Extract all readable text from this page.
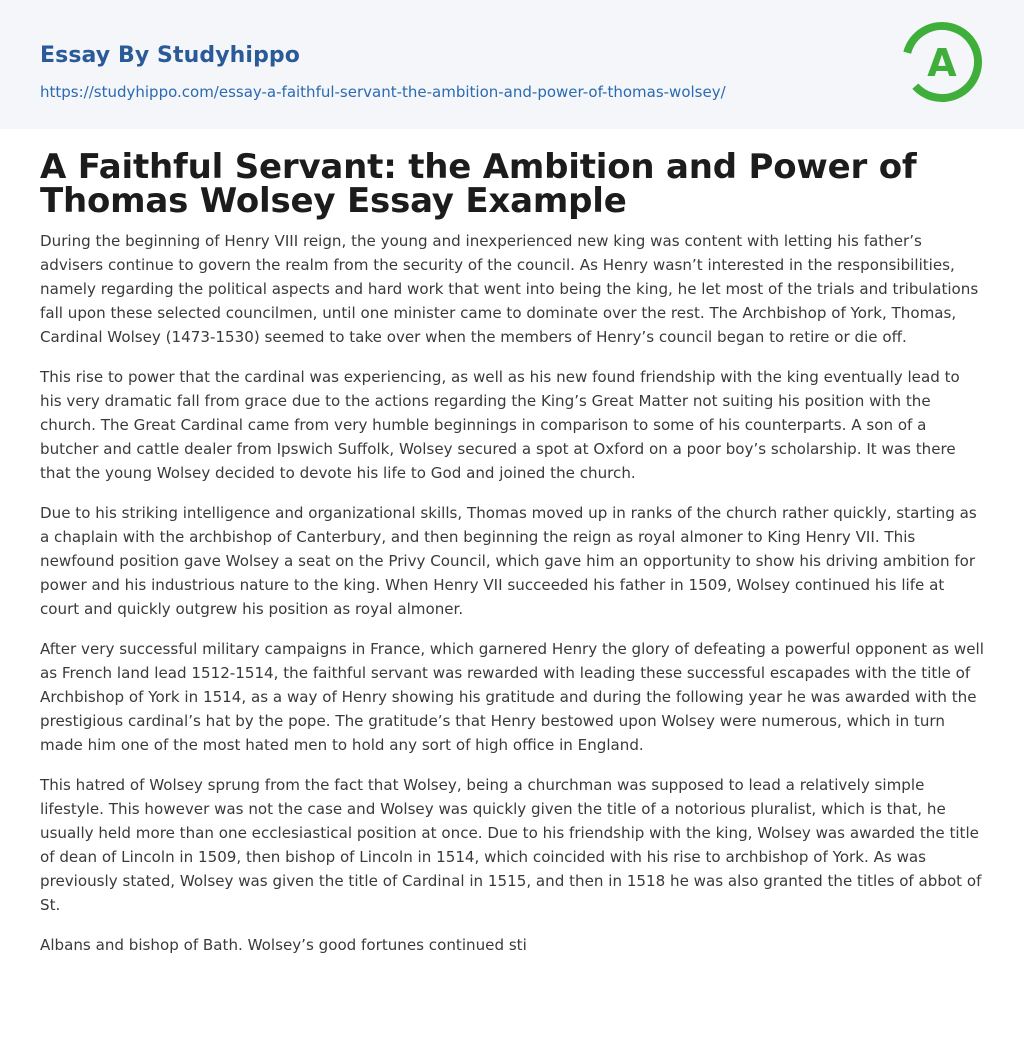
Essay By Studyhippo
https://studyhippo.com/essay-a-faithful-servant-the-ambition-and-power-of-thomas-wolsey/
A
A Faithful Servant: the Ambition and Power of Thomas Wolsey Essay Example

During the beginning of Henry VIII reign, the young and inexperienced new king was content with letting his father’s advisers continue to govern the realm from the security of the council. As Henry wasn’t interested in the responsibilities, namely regarding the political aspects and hard work that went into being the king, he let most of the trials and tribulations fall upon these selected councilmen, until one minister came to dominate over the rest. The Archbishop of York, Thomas, Cardinal Wolsey (1473-1530) seemed to take over when the members of Henry’s council began to retire or die off.

This rise to power that the cardinal was experiencing, as well as his new found friendship with the king eventually lead to his very dramatic fall from grace due to the actions regarding the King’s Great Matter not suiting his position with the church. The Great Cardinal came from very humble beginnings in comparison to some of his counterparts. A son of a butcher and cattle dealer from Ipswich Suffolk, Wolsey secured a spot at Oxford on a poor boy’s scholarship. It was there that the young Wolsey decided to devote his life to God and joined the church.

Due to his striking intelligence and organizational skills, Thomas moved up in ranks of the church rather quickly, starting as a chaplain with the archbishop of Canterbury, and then beginning the reign as royal almoner to King Henry VII. This newfound position gave Wolsey a seat on the Privy Council, which gave him an opportunity to show his driving ambition for power and his industrious nature to the king. When Henry VII succeeded his father in 1509, Wolsey continued his life at court and quickly outgrew his position as royal almoner.

After very successful military campaigns in France, which garnered Henry the glory of defeating a powerful opponent as well as French land lead 1512-1514, the faithful servant was rewarded with leading these successful escapades with the title of Archbishop of York in 1514, as a way of Henry showing his gratitude and during the following year he was awarded with the prestigious cardinal’s hat by the pope. The gratitude’s that Henry bestowed upon Wolsey were numerous, which in turn made him one of the most hated men to hold any sort of high office in England.

This hatred of Wolsey sprung from the fact that Wolsey, being a churchman was supposed to lead a relatively simple lifestyle. This however was not the case and Wolsey was quickly given the title of a notorious pluralist, which is that, he usually held more than one ecclesiastical position at once. Due to his friendship with the king, Wolsey was awarded the title of dean of Lincoln in 1509, then bishop of Lincoln in 1514, which coincided with his rise to archbishop of York. As was previously stated, Wolsey was given the title of Cardinal in 1515, and then in 1518 he was also granted the titles of abbot of St.

Albans and bishop of Bath. Wolsey’s good fortunes continued sti
